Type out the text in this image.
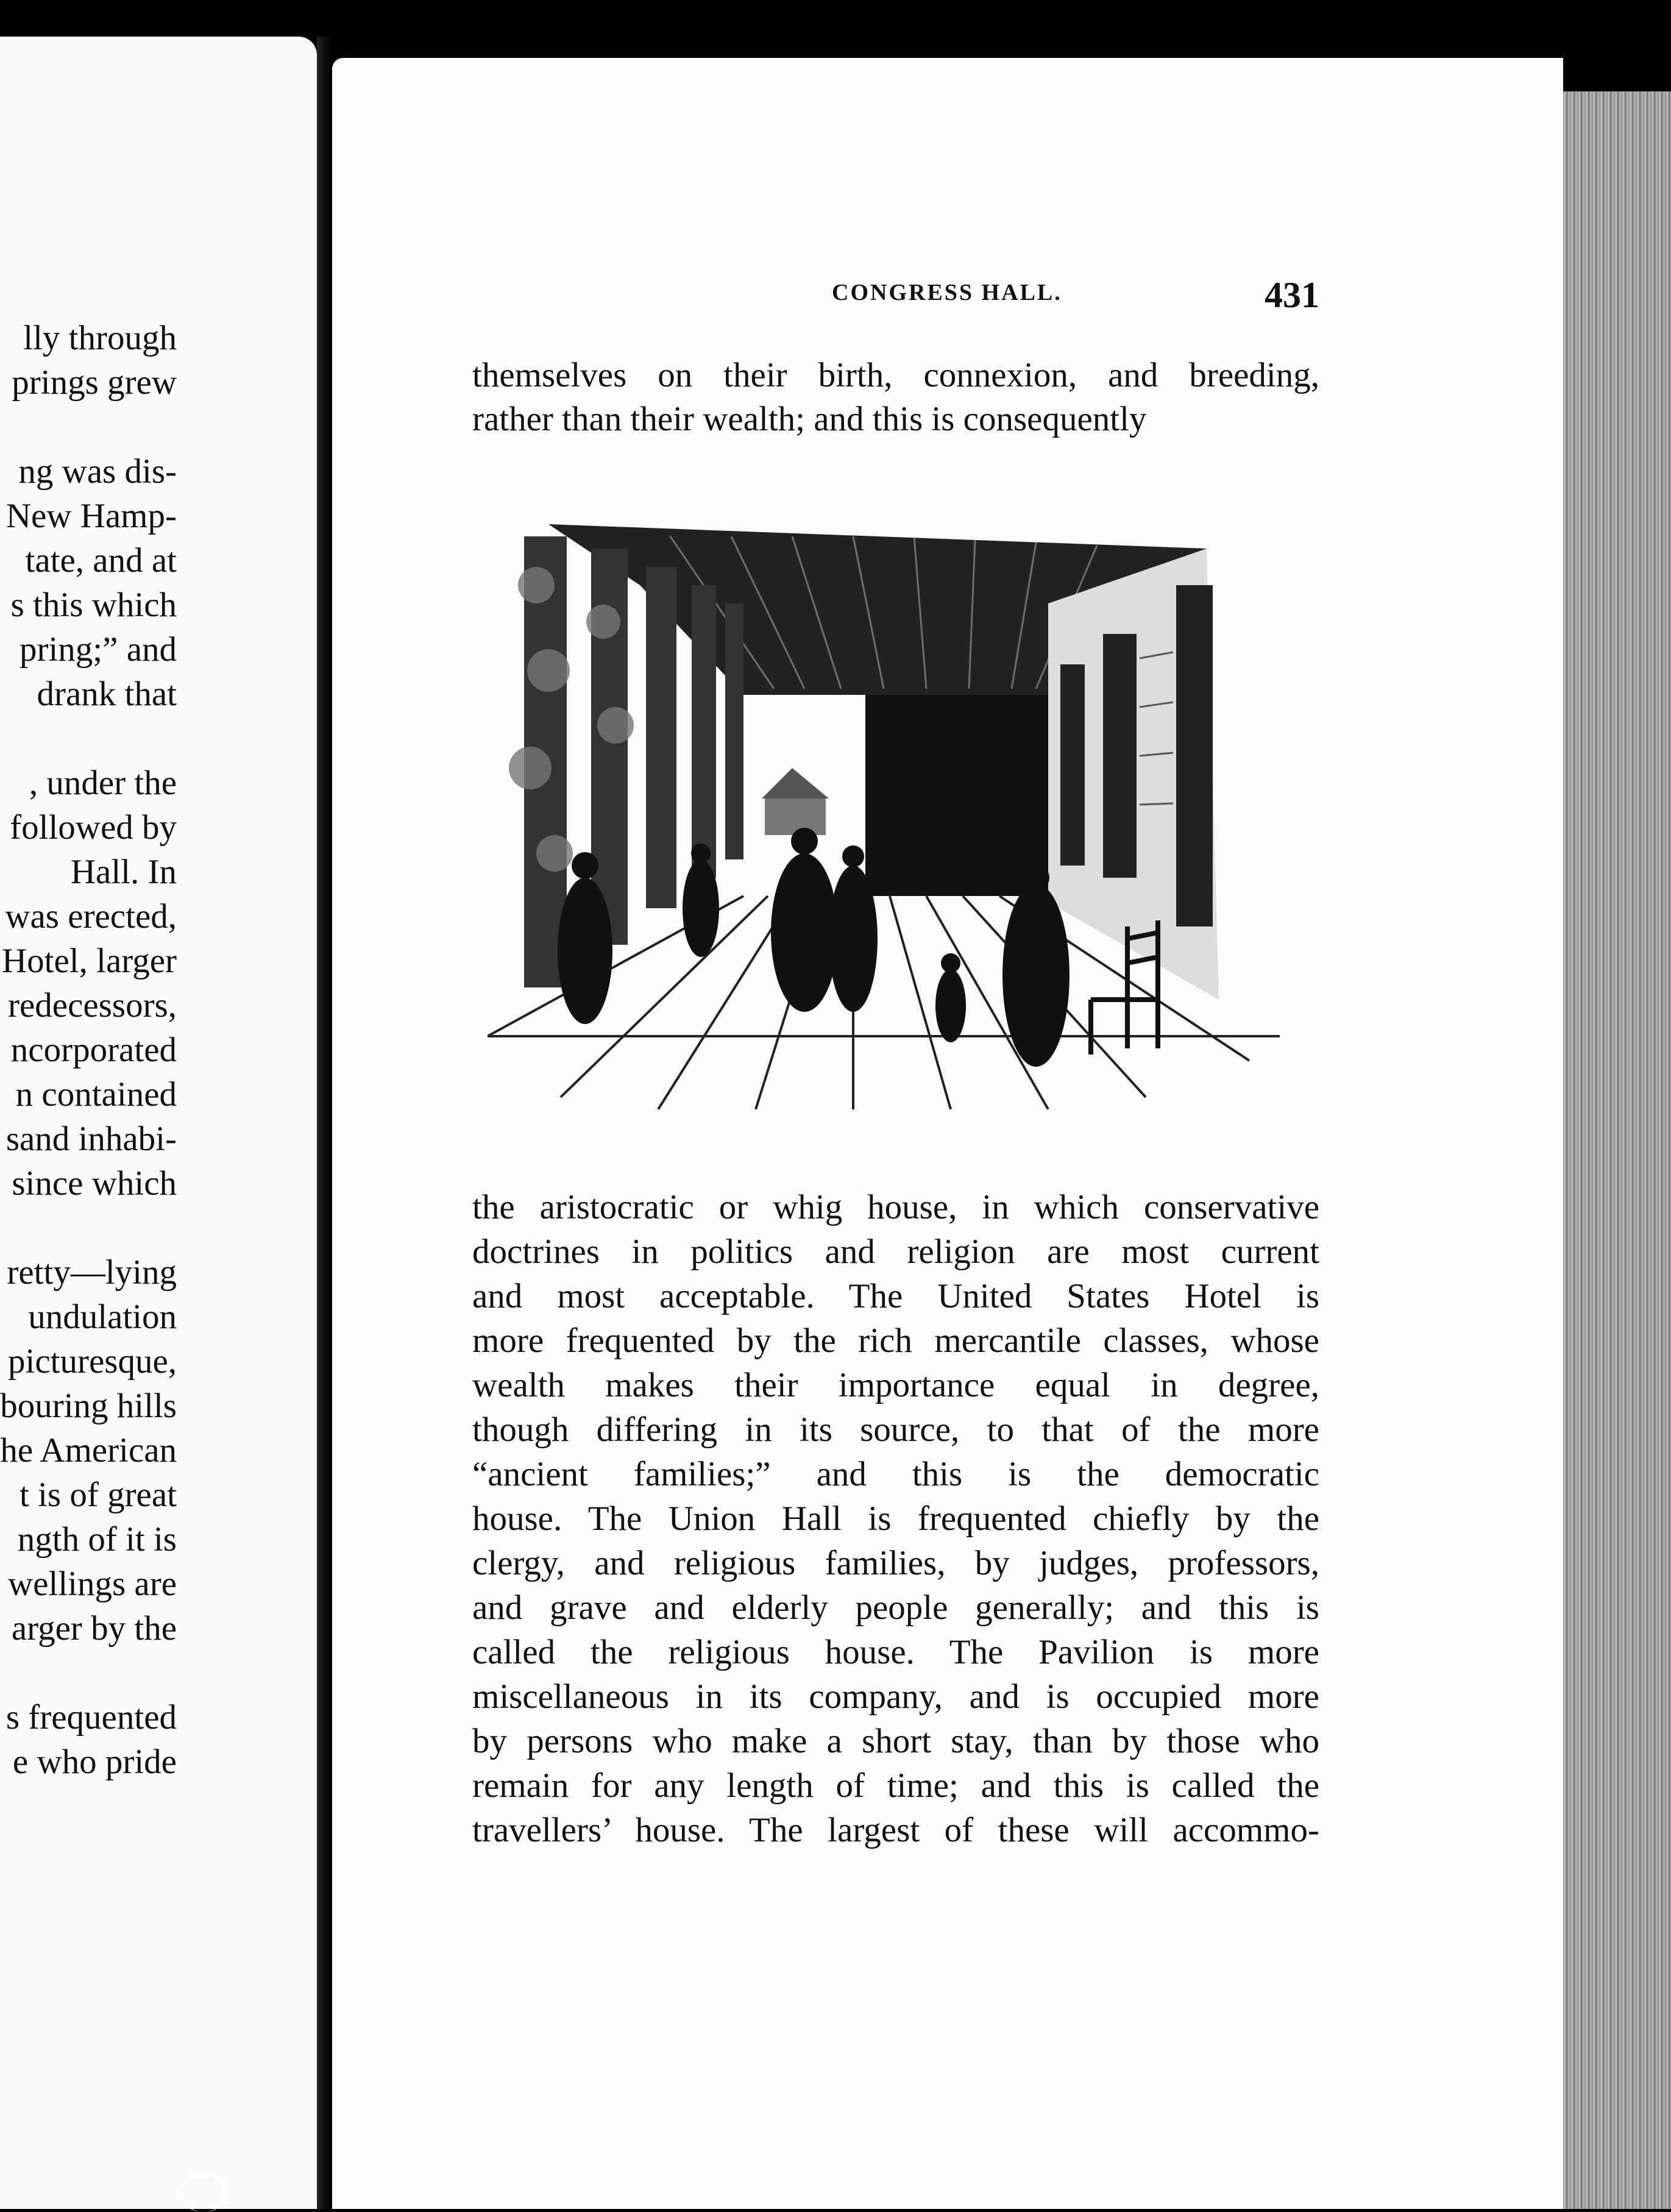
lly through
prings grew
ng was dis-
New Hamp-
tate, and at
s this which
pring;” and
drank that
, under the
followed by
Hall. In
was erected,
Hotel, larger
redecessors,
ncorporated
n contained
sand inhabi-
since which
retty—lying
undulation
picturesque,
bouring hills
he American
t is of great
ngth of it is
wellings are
arger by the
s frequented
e who pride
CONGRESS HALL.	431
themselves on their birth, connexion, and breeding,
rather than their wealth; and this is consequently
the aristocratic or whig house, in which conservative
doctrines in politics and religion are most current
and most acceptable. The United States Hotel is
more frequented by the rich mercantile classes, whose
wealth makes their importance equal in degree,
though differing in its source, to that of the more
“ancient families;” and this is the democratic
house. The Union Hall is frequented chiefly by the
clergy, and religious families, by judges, professors,
and grave and elderly people generally; and this is
called the religious house. The Pavilion is more
miscellaneous in its company, and is occupied more
by persons who make a short stay, than by those who
remain for any length of time; and this is called the
travellers’ house. The largest of these will accommo-
